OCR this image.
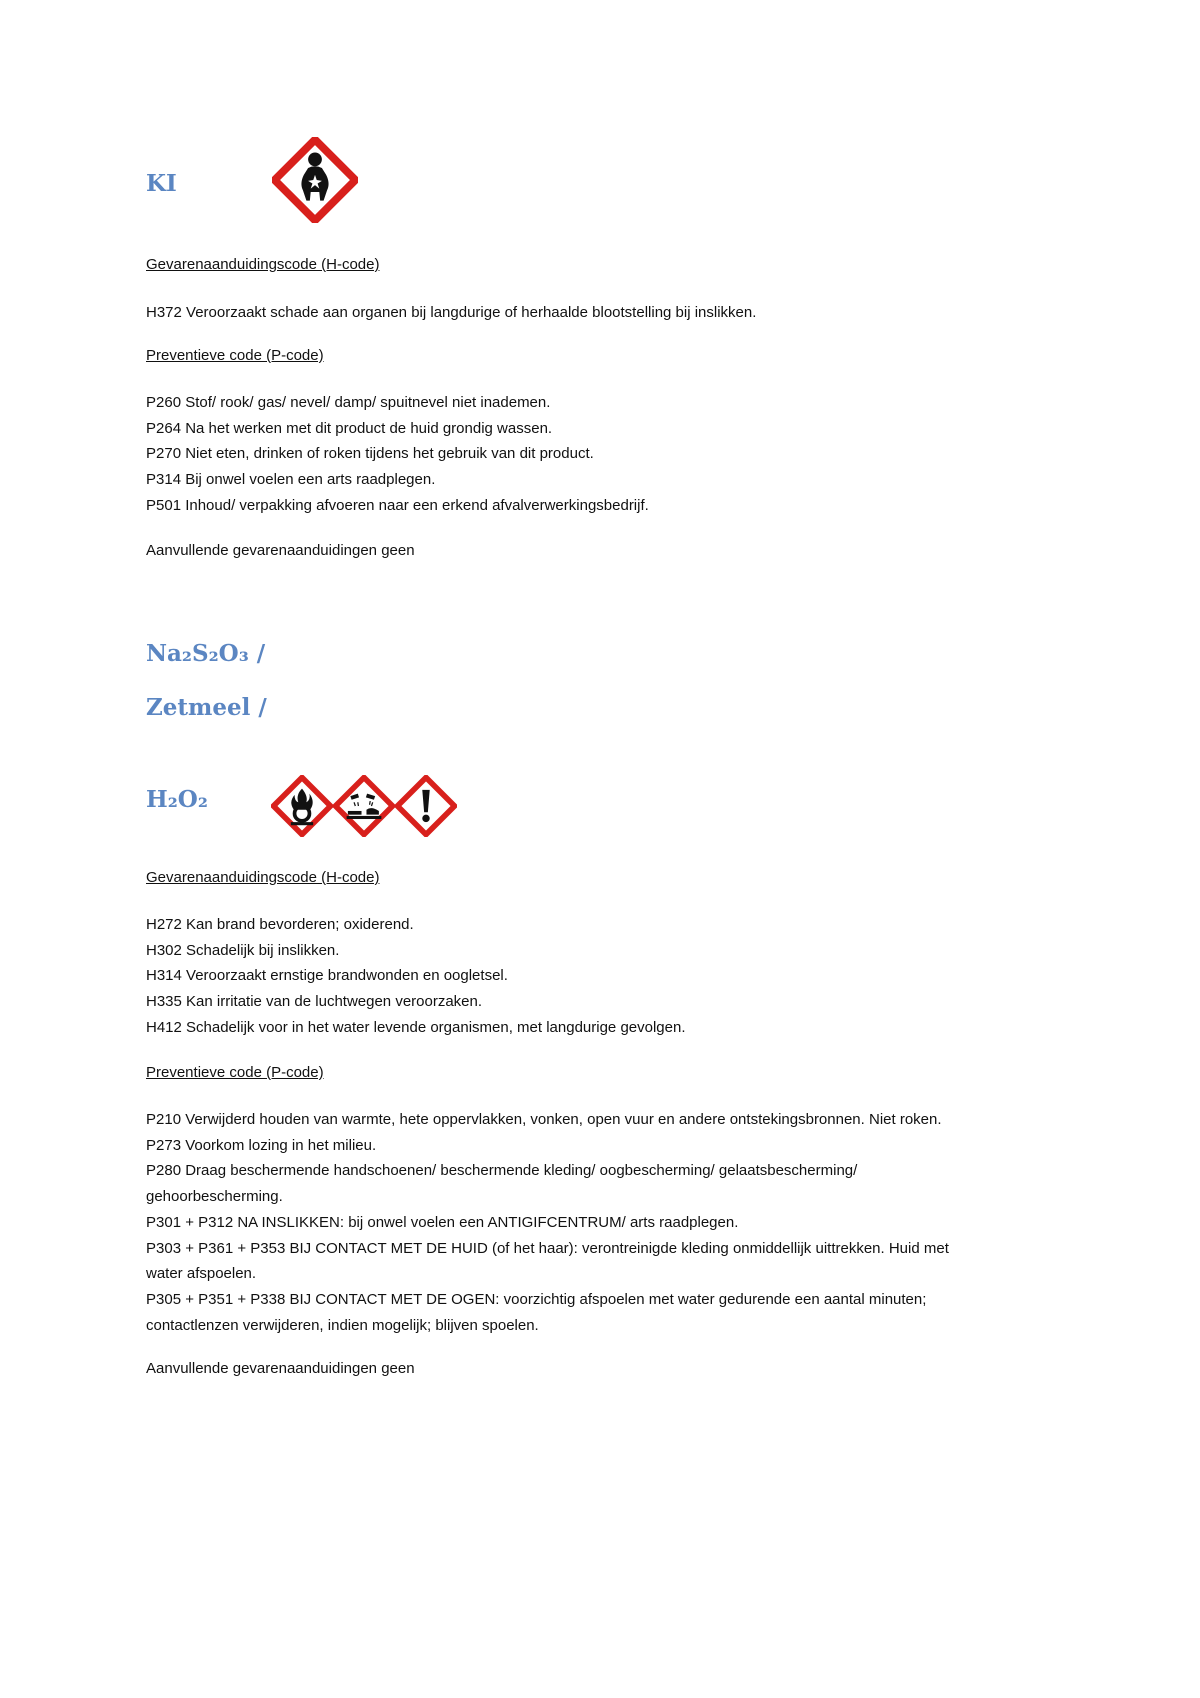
KI
Gevarenaanduidingscode (H-code)
H372 Veroorzaakt schade aan organen bij langdurige of herhaalde blootstelling bij inslikken.
Preventieve code (P-code)
P260 Stof/ rook/ gas/ nevel/ damp/ spuitnevel niet inademen.
P264 Na het werken met dit product de huid grondig wassen.
P270 Niet eten, drinken of roken tijdens het gebruik van dit product.
P314 Bij onwel voelen een arts raadplegen.
P501 Inhoud/ verpakking afvoeren naar een erkend afvalverwerkingsbedrijf.
Aanvullende gevarenaanduidingen geen
Na₂S₂O₃ /
Zetmeel /
H₂O₂
Gevarenaanduidingscode (H-code)
H272 Kan brand bevorderen; oxiderend.
H302 Schadelijk bij inslikken.
H314 Veroorzaakt ernstige brandwonden en oogletsel.
H335 Kan irritatie van de luchtwegen veroorzaken.
H412 Schadelijk voor in het water levende organismen, met langdurige gevolgen.
Preventieve code (P-code)
P210 Verwijderd houden van warmte, hete oppervlakken, vonken, open vuur en andere ontstekingsbronnen. Niet roken.
P273 Voorkom lozing in het milieu.
P280 Draag beschermende handschoenen/ beschermende kleding/ oogbescherming/ gelaatsbescherming/
gehoorbescherming.
P301 + P312 NA INSLIKKEN: bij onwel voelen een ANTIGIFCENTRUM/ arts raadplegen.
P303 + P361 + P353 BIJ CONTACT MET DE HUID (of het haar): verontreinigde kleding onmiddellijk uittrekken. Huid met
water afspoelen.
P305 + P351 + P338 BIJ CONTACT MET DE OGEN: voorzichtig afspoelen met water gedurende een aantal minuten;
contactlenzen verwijderen, indien mogelijk; blijven spoelen.
Aanvullende gevarenaanduidingen geen
